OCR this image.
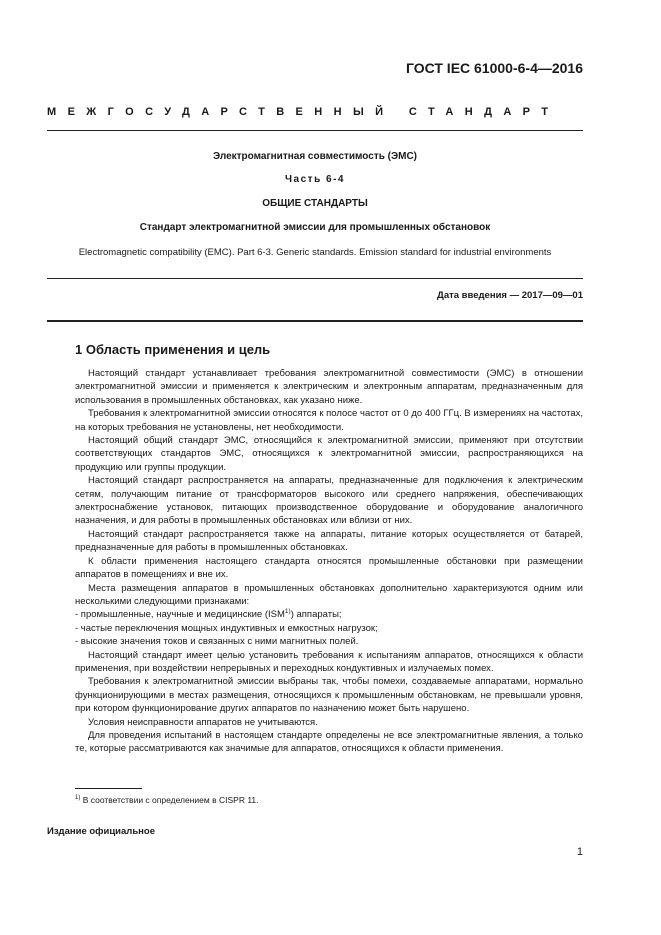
ГОСТ IEC 61000-6-4—2016
МЕЖГОСУДАРСТВЕННЫЙ СТАНДАРТ
Электромагнитная совместимость (ЭМС)
Часть 6-4
ОБЩИЕ СТАНДАРТЫ
Стандарт электромагнитной эмиссии для промышленных обстановок
Electromagnetic compatibility (EMC). Part 6-3. Generic standards. Emission standard for industrial environments
Дата введения — 2017—09—01
1 Область применения и цель

Настоящий стандарт устанавливает требования электромагнитной совместимости (ЭМС) в отношении электромагнитной эмиссии и применяется к электрическим и электронным аппаратам, предназначенным для использования в промышленных обстановках, как указано ниже.

Требования к электромагнитной эмиссии относятся к полосе частот от 0 до 400 ГГц. В измерениях на частотах, на которых требования не установлены, нет необходимости.

Настоящий общий стандарт ЭМС, относящийся к электромагнитной эмиссии, применяют при отсутствии соответствующих стандартов ЭМС, относящихся к электромагнитной эмиссии, распространяющихся на продукцию или группы продукции.

Настоящий стандарт распространяется на аппараты, предназначенные для подключения к электрическим сетям, получающим питание от трансформаторов высокого или среднего напряжения, обеспечивающих электроснабжение установок, питающих производственное оборудование и оборудование аналогичного назначения, и для работы в промышленных обстановках или вблизи от них.

Настоящий стандарт распространяется также на аппараты, питание которых осуществляется от батарей, предназначенные для работы в промышленных обстановках.

К области применения настоящего стандарта относятся промышленные обстановки при размещении аппаратов в помещениях и вне их.

Места размещения аппаратов в промышленных обстановках дополнительно характеризуются одним или несколькими следующими признаками:

- промышленные, научные и медицинские (ISM$^{1)}$) аппараты;

- частые переключения мощных индуктивных и емкостных нагрузок;

- высокие значения токов и связанных с ними магнитных полей.

Настоящий стандарт имеет целью установить требования к испытаниям аппаратов, относящихся к области применения, при воздействии непрерывных и переходных кондуктивных и излучаемых помех.

Требования к электромагнитной эмиссии выбраны так, чтобы помехи, создаваемые аппаратами, нормально функционирующими в местах размещения, относящихся к промышленным обстановкам, не превышали уровня, при котором функционирование других аппаратов по назначению может быть нарушено.

Условия неисправности аппаратов не учитываются.

Для проведения испытаний в настоящем стандарте определены не все электромагнитные явления, а только те, которые рассматриваются как значимые для аппаратов, относящихся к области применения.

$^{1)}$ В соответствии с определением в CISPR 11.
Издание официальное
1
